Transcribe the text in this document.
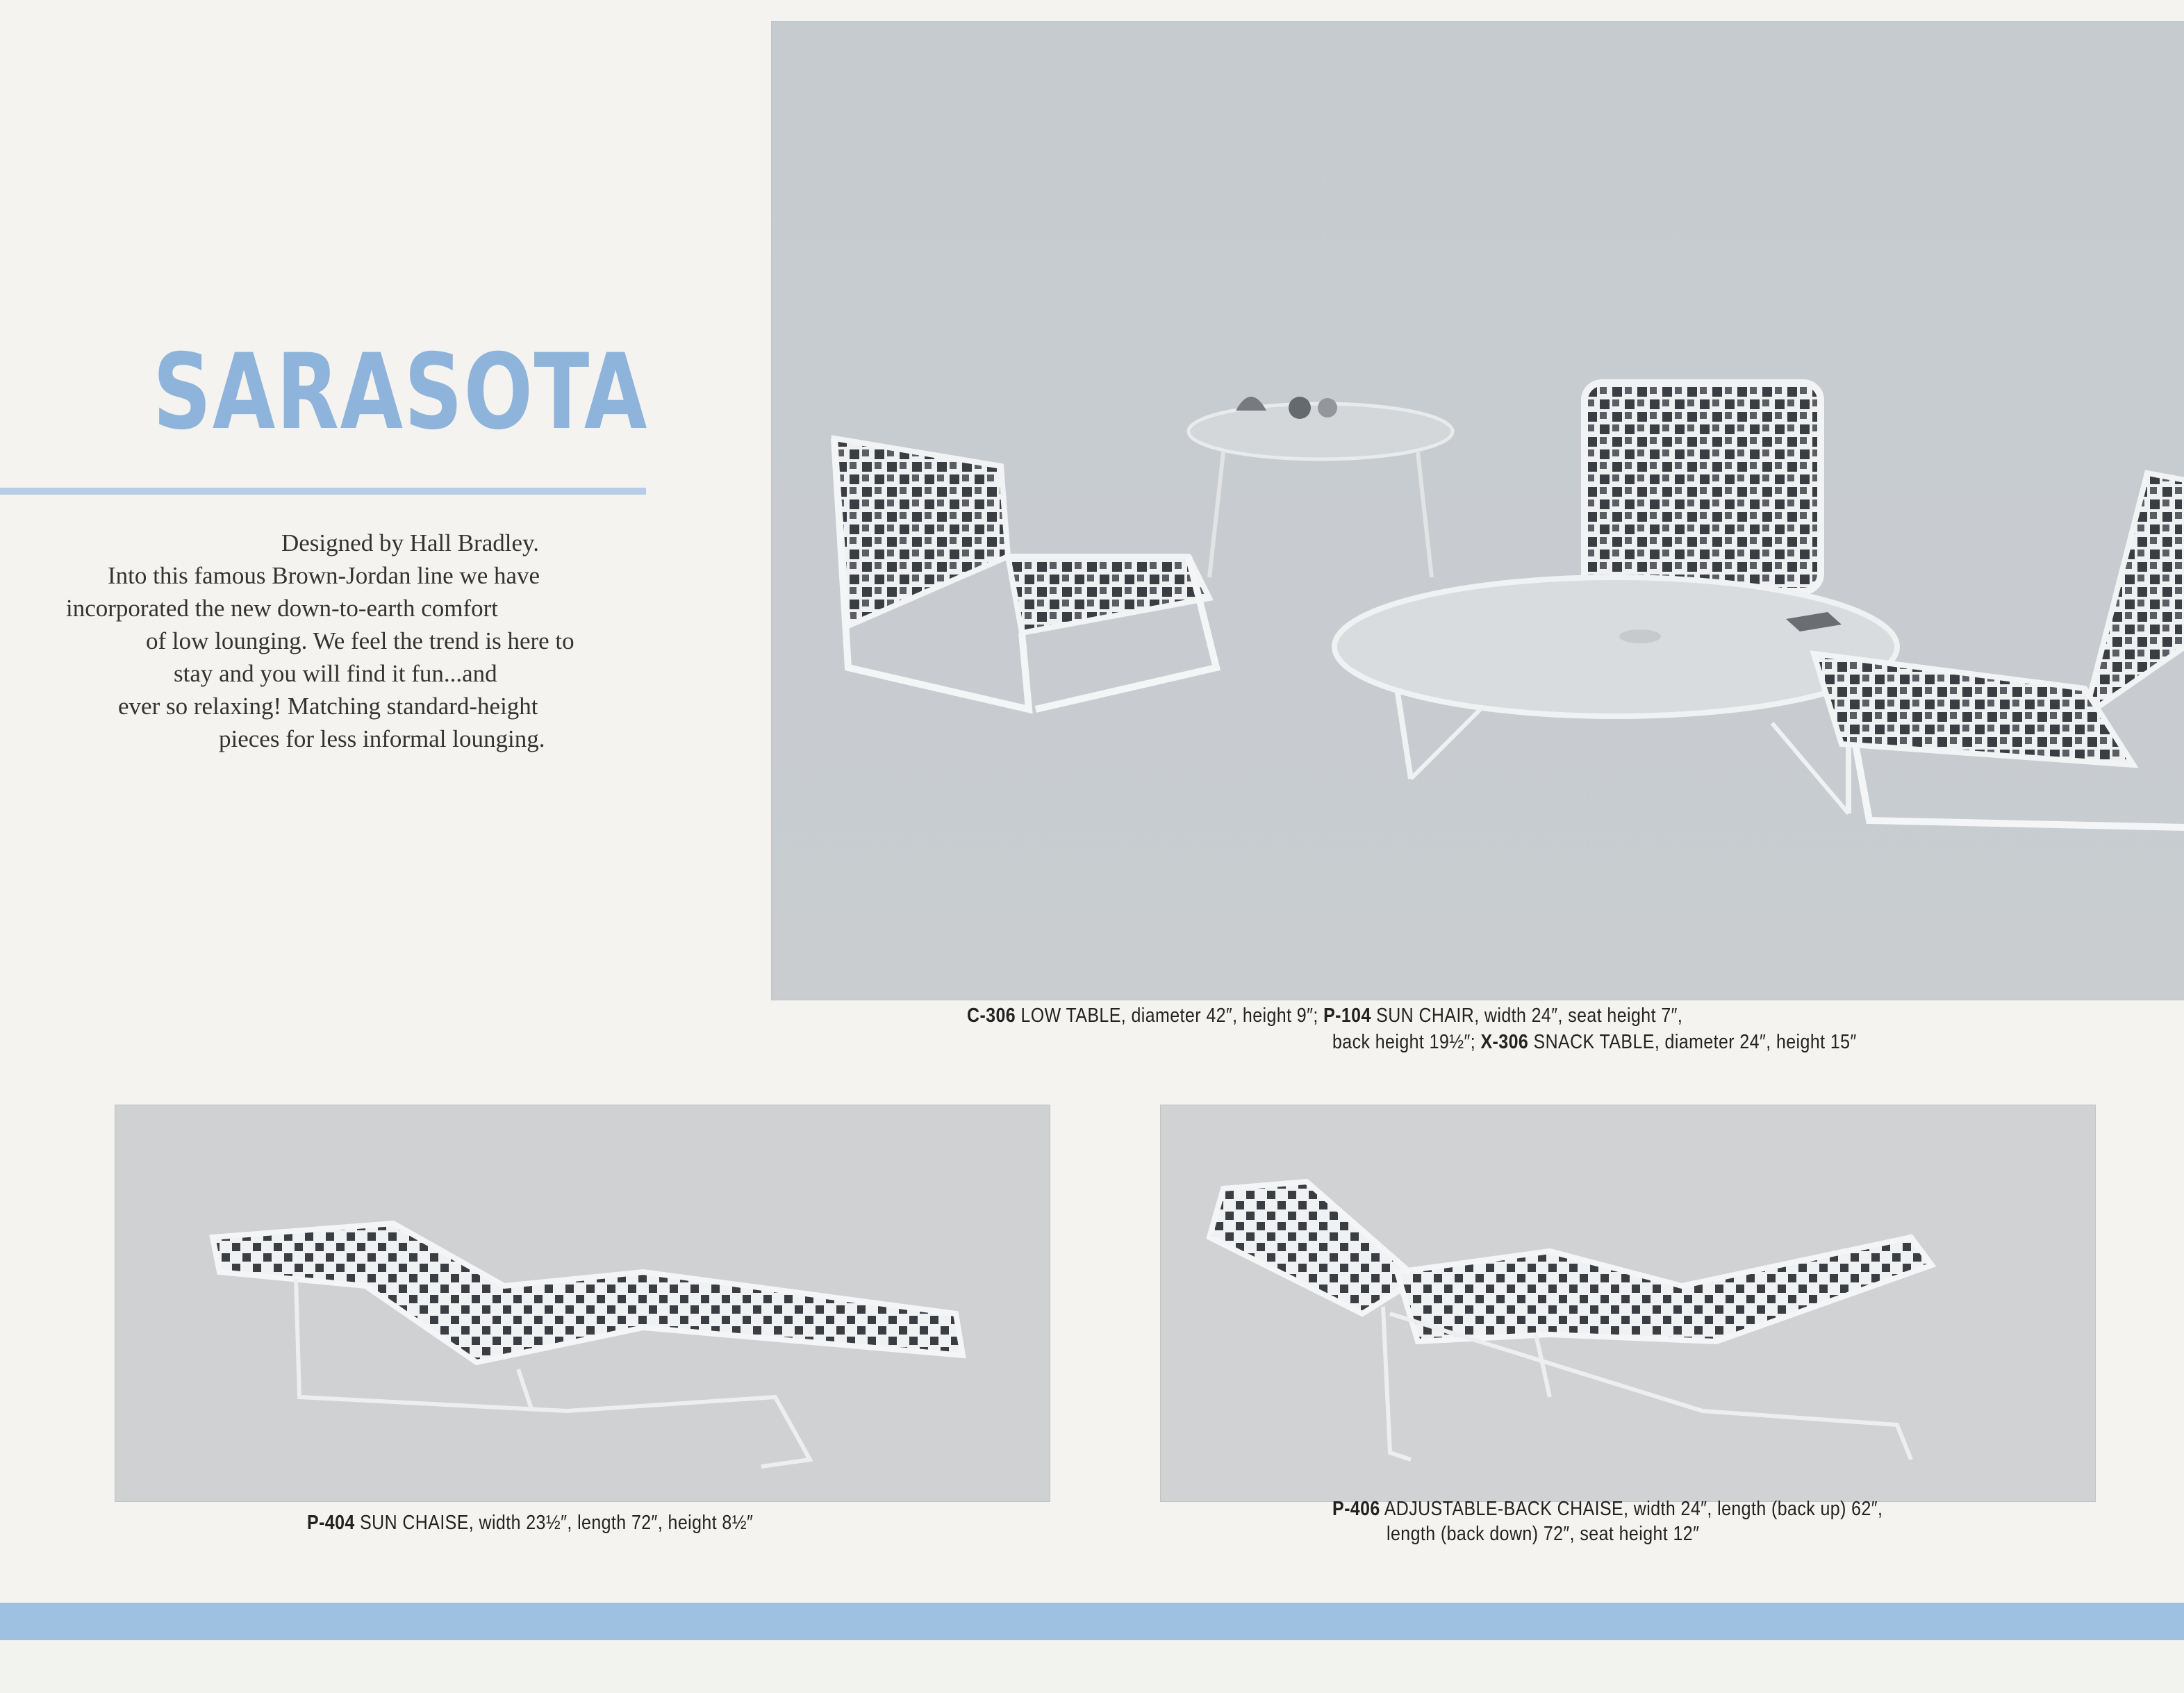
SARASOTA
Designed by Hall Bradley.
Into this famous Brown-Jordan line we have
incorporated the new down-to-earth comfort
of low lounging. We feel the trend is here to
stay and you will find it fun...and
ever so relaxing! Matching standard-height
pieces for less informal lounging.
C-306 LOW TABLE, diameter 42″, height 9″; P-104 SUN CHAIR, width 24″, seat height 7″,
back height 19½″; X-306 SNACK TABLE, diameter 24″, height 15″
P-404 SUN CHAISE, width 23½″, length 72″, height 8½″
P-406 ADJUSTABLE-BACK CHAISE, width 24″, length (back up) 62″,
length (back down) 72″, seat height 12″
